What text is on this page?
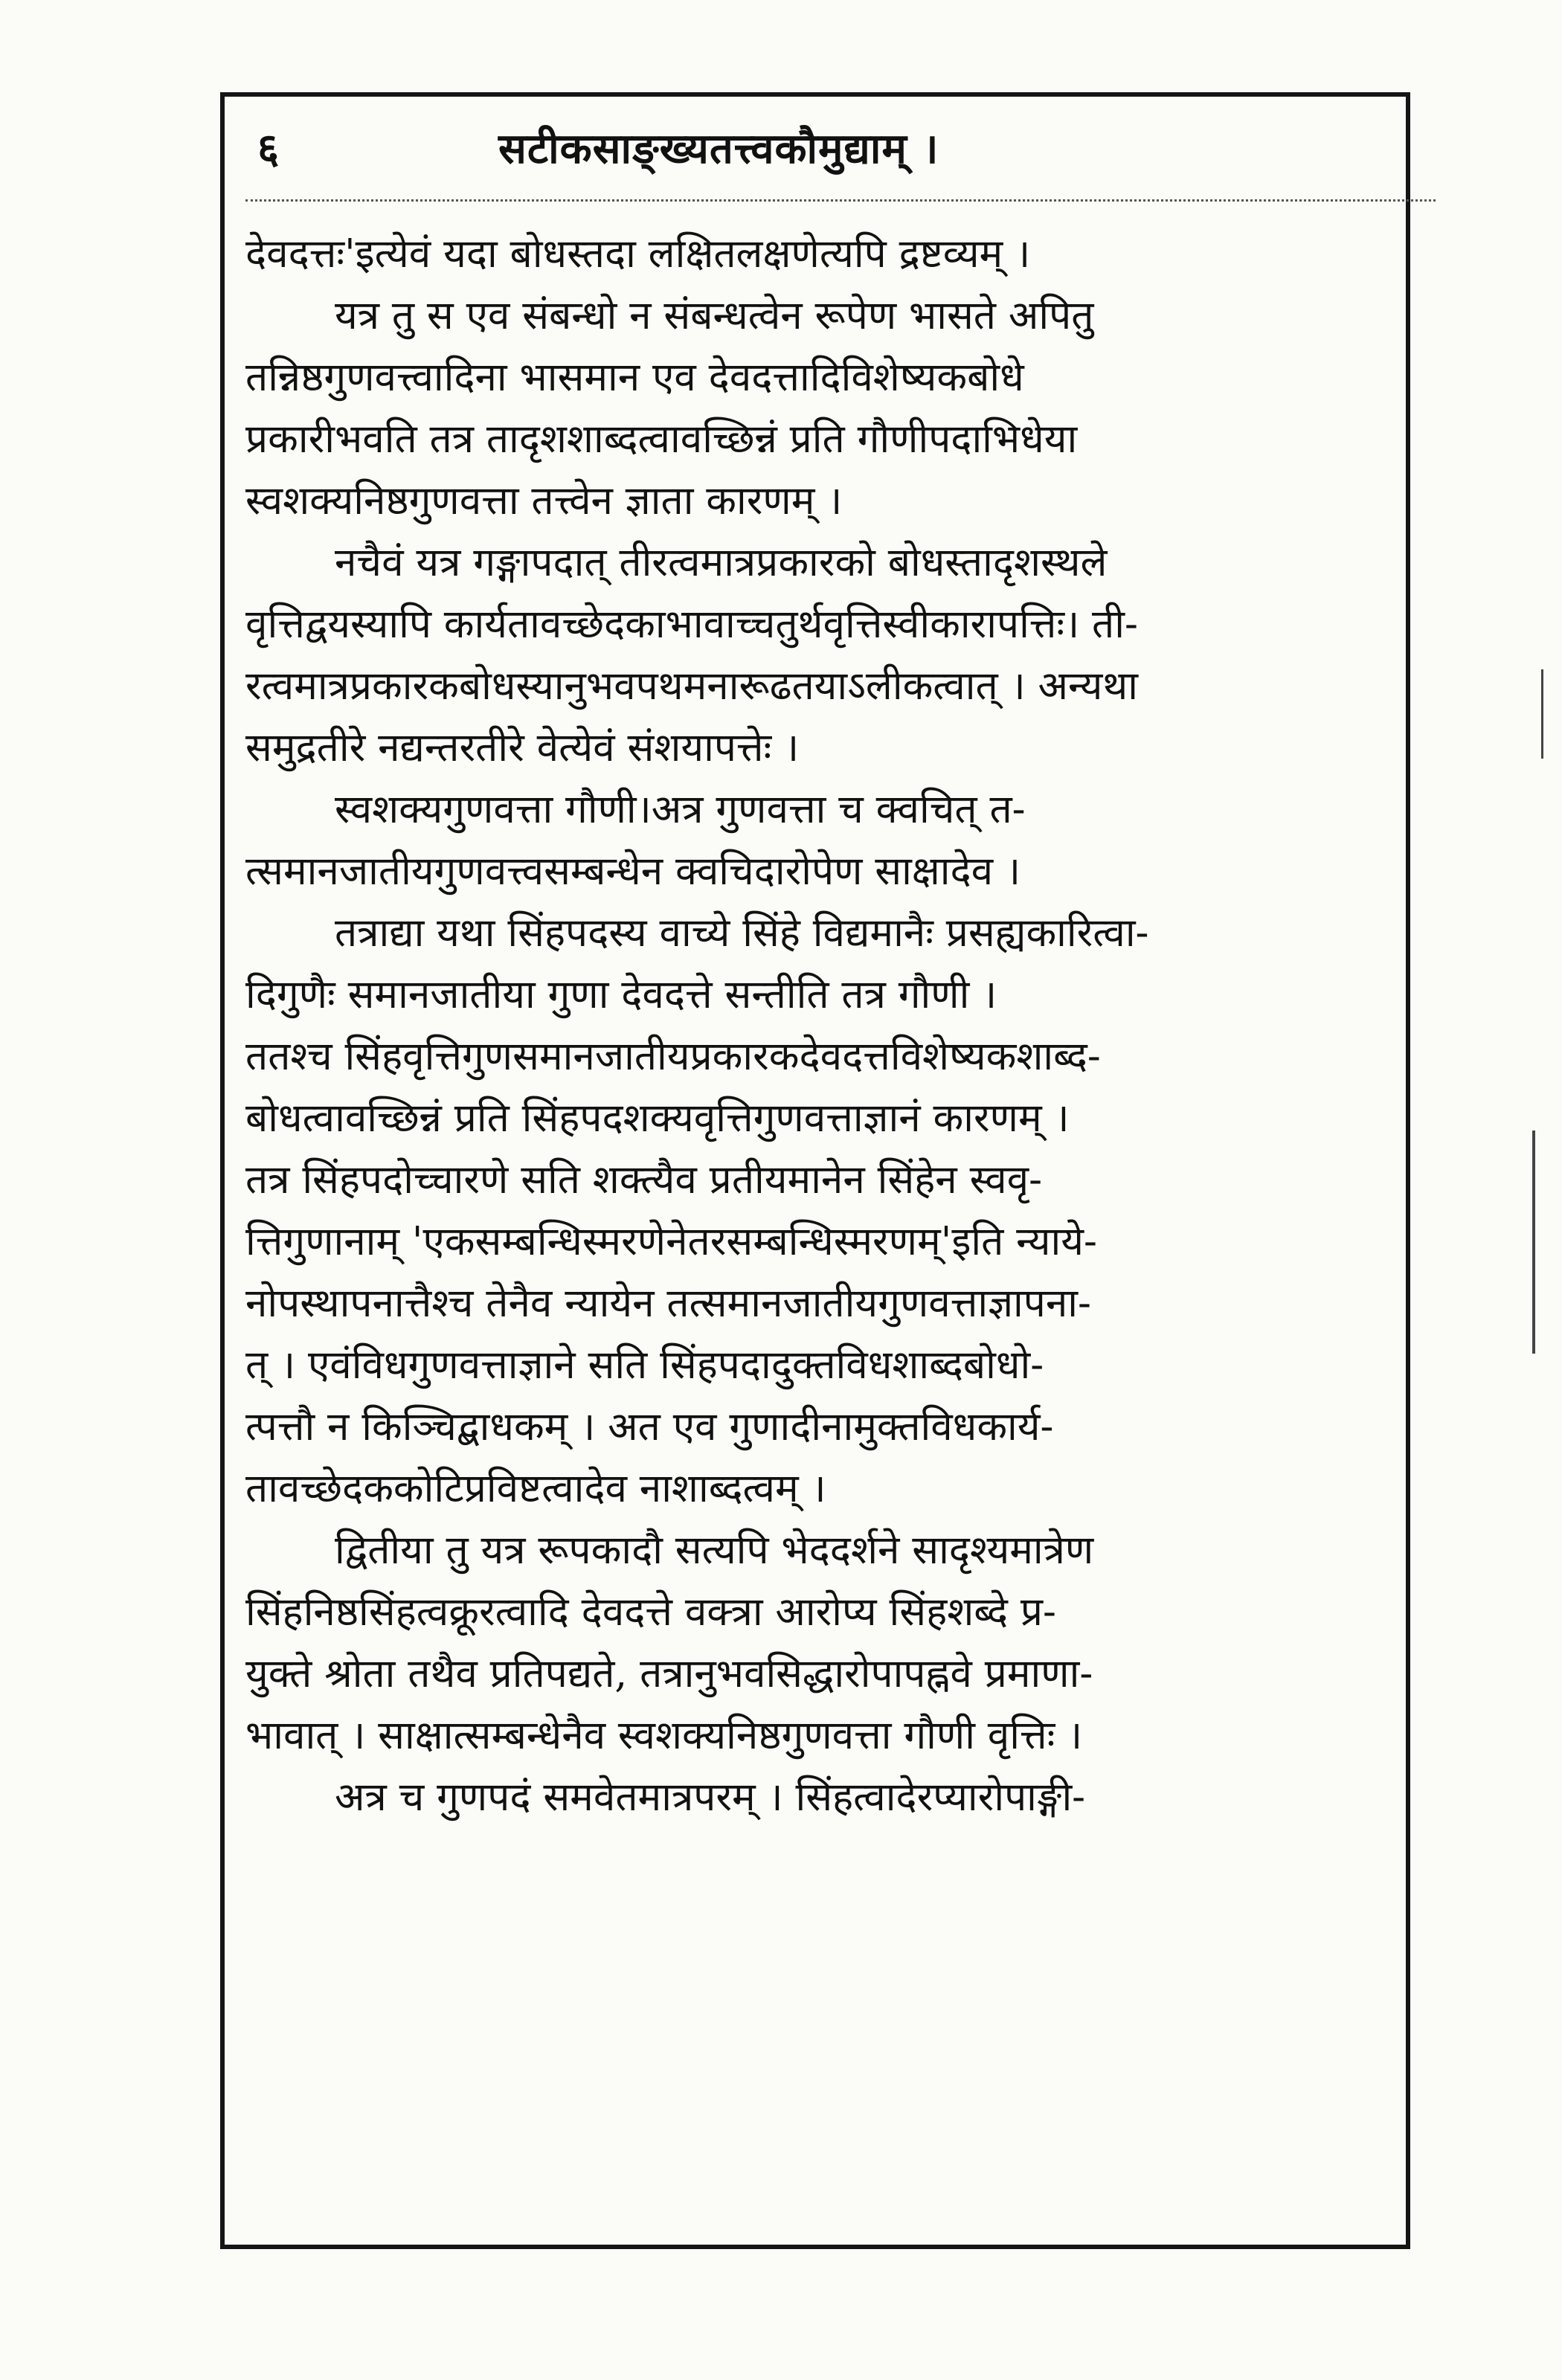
६	सटीकसाङ्ख्यतत्त्वकौमुद्याम् ।
देवदत्तः'इत्येवं यदा बोधस्तदा लक्षितलक्षणेत्यपि द्रष्टव्यम् ।
यत्र तु स एव संबन्धो न संबन्धत्वेन रूपेण भासते अपितु
तन्निष्ठगुणवत्त्वादिना भासमान एव देवदत्तादिविशेष्यकबोधे
प्रकारीभवति तत्र तादृशशाब्दत्वावच्छिन्नं प्रति गौणीपदाभिधेया
स्वशक्यनिष्ठगुणवत्ता तत्त्वेन ज्ञाता कारणम् ।
नचैवं यत्र गङ्गापदात् तीरत्वमात्रप्रकारको बोधस्तादृशस्थले
वृत्तिद्वयस्यापि कार्यतावच्छेदकाभावाच्चतुर्थवृत्तिस्वीकारापत्तिः। ती-
रत्वमात्रप्रकारकबोधस्यानुभवपथमनारूढतयाऽलीकत्वात् । अन्यथा
समुद्रतीरे नद्यन्तरतीरे वेत्येवं संशयापत्तेः ।
स्वशक्यगुणवत्ता गौणी।अत्र गुणवत्ता च क्वचित् त-
त्समानजातीयगुणवत्त्वसम्बन्धेन क्वचिदारोपेण साक्षादेव ।
तत्राद्या यथा सिंहपदस्य वाच्ये सिंहे विद्यमानैः प्रसह्यकारित्वा-
दिगुणैः समानजातीया गुणा देवदत्ते सन्तीति तत्र गौणी ।
ततश्च सिंहवृत्तिगुणसमानजातीयप्रकारकदेवदत्तविशेष्यकशाब्द-
बोधत्वावच्छिन्नं प्रति सिंहपदशक्यवृत्तिगुणवत्ताज्ञानं कारणम् ।
तत्र सिंहपदोच्चारणे सति शक्त्यैव प्रतीयमानेन सिंहेन स्ववृ-
त्तिगुणानाम् 'एकसम्बन्धिस्मरणेनेतरसम्बन्धिस्मरणम्'इति न्याये-
नोपस्थापनात्तैश्च तेनैव न्यायेन तत्समानजातीयगुणवत्ताज्ञापना-
त् । एवंविधगुणवत्ताज्ञाने सति सिंहपदादुक्तविधशाब्दबोधो-
त्पत्तौ न किञ्चिद्बाधकम् । अत एव गुणादीनामुक्तविधकार्य-
तावच्छेदककोटिप्रविष्टत्वादेव नाशाब्दत्वम् ।
द्वितीया तु यत्र रूपकादौ सत्यपि भेददर्शने सादृश्यमात्रेण
सिंहनिष्ठसिंहत्वक्रूरत्वादि देवदत्ते वक्त्रा आरोप्य सिंहशब्दे प्र-
युक्ते श्रोता तथैव प्रतिपद्यते, तत्रानुभवसिद्धारोपापह्नवे प्रमाणा-
भावात् । साक्षात्सम्बन्धेनैव स्वशक्यनिष्ठगुणवत्ता गौणी वृत्तिः ।
अत्र च गुणपदं समवेतमात्रपरम् । सिंहत्वादेरप्यारोपाङ्गी-
